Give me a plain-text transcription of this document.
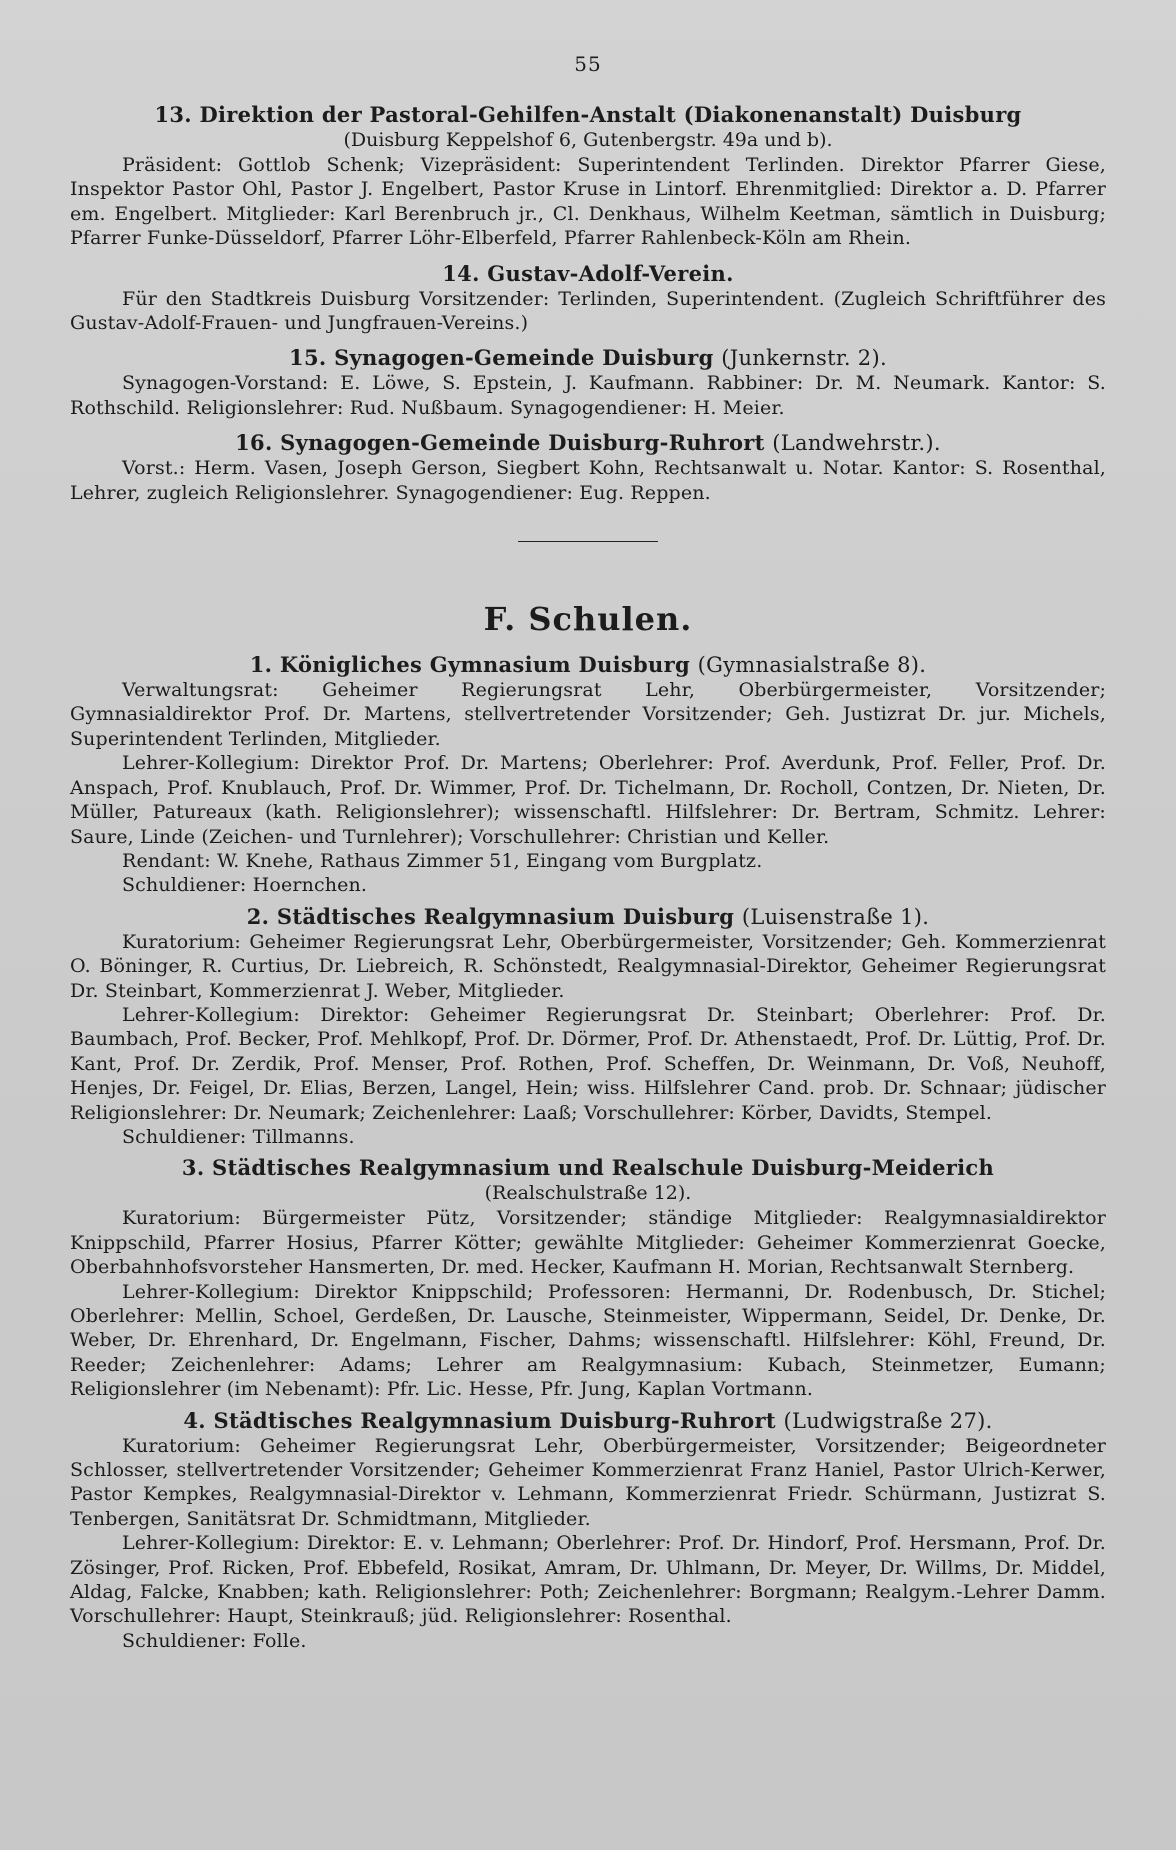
55
13. Direktion der Pastoral-Gehilfen-Anstalt (Diakonenanstalt) Duisburg
(Duisburg Keppelshof 6, Gutenbergstr. 49a und b).

Präsident: Gottlob Schenk; Vizepräsident: Superintendent Terlinden. Direktor Pfarrer Giese, Inspektor Pastor Ohl, Pastor J. Engelbert, Pastor Kruse in Lintorf. Ehrenmitglied: Direktor a. D. Pfarrer em. Engelbert. Mitglieder: Karl Berenbruch jr., Cl. Denkhaus, Wilhelm Keetman, sämtlich in Duisburg; Pfarrer Funke-Düsseldorf, Pfarrer Löhr-Elberfeld, Pfarrer Rahlenbeck-Köln am Rhein.

14. Gustav-Adolf-Verein.

Für den Stadtkreis Duisburg Vorsitzender: Terlinden, Superintendent. (Zugleich Schriftführer des Gustav-Adolf-Frauen- und Jungfrauen-Vereins.)

15. Synagogen-Gemeinde Duisburg (Junkernstr. 2).

Synagogen-Vorstand: E. Löwe, S. Epstein, J. Kaufmann. Rabbiner: Dr. M. Neumark. Kantor: S. Rothschild. Religionslehrer: Rud. Nußbaum. Synagogendiener: H. Meier.

16. Synagogen-Gemeinde Duisburg-Ruhrort (Landwehrstr.).

Vorst.: Herm. Vasen, Joseph Gerson, Siegbert Kohn, Rechtsanwalt u. Notar. Kantor: S. Rosenthal, Lehrer, zugleich Religionslehrer. Synagogendiener: Eug. Reppen.

F. Schulen.
1. Königliches Gymnasium Duisburg (Gymnasialstraße 8).

Verwaltungsrat: Geheimer Regierungsrat Lehr, Oberbürgermeister, Vorsitzender; Gymnasialdirektor Prof. Dr. Martens, stellvertretender Vorsitzender; Geh. Justizrat Dr. jur. Michels, Superintendent Terlinden, Mitglieder.

Lehrer-Kollegium: Direktor Prof. Dr. Martens; Oberlehrer: Prof. Averdunk, Prof. Feller, Prof. Dr. Anspach, Prof. Knublauch, Prof. Dr. Wimmer, Prof. Dr. Tichelmann, Dr. Rocholl, Contzen, Dr. Nieten, Dr. Müller, Patureaux (kath. Religionslehrer); wissenschaftl. Hilfslehrer: Dr. Bertram, Schmitz. Lehrer: Saure, Linde (Zeichen- und Turnlehrer); Vorschullehrer: Christian und Keller.

Rendant: W. Knehe, Rathaus Zimmer 51, Eingang vom Burgplatz.

Schuldiener: Hoernchen.

2. Städtisches Realgymnasium Duisburg (Luisenstraße 1).

Kuratorium: Geheimer Regierungsrat Lehr, Oberbürgermeister, Vorsitzender; Geh. Kommerzienrat O. Böninger, R. Curtius, Dr. Liebreich, R. Schönstedt, Realgymnasial-Direktor, Geheimer Regierungsrat Dr. Steinbart, Kommerzienrat J. Weber, Mitglieder.

Lehrer-Kollegium: Direktor: Geheimer Regierungsrat Dr. Steinbart; Oberlehrer: Prof. Dr. Baumbach, Prof. Becker, Prof. Mehlkopf, Prof. Dr. Dörmer, Prof. Dr. Athenstaedt, Prof. Dr. Lüttig, Prof. Dr. Kant, Prof. Dr. Zerdik, Prof. Menser, Prof. Rothen, Prof. Scheffen, Dr. Weinmann, Dr. Voß, Neuhoff, Henjes, Dr. Feigel, Dr. Elias, Berzen, Langel, Hein; wiss. Hilfslehrer Cand. prob. Dr. Schnaar; jüdischer Religionslehrer: Dr. Neumark; Zeichenlehrer: Laaß; Vorschullehrer: Körber, Davidts, Stempel.

Schuldiener: Tillmanns.

3. Städtisches Realgymnasium und Realschule Duisburg-Meiderich
(Realschulstraße 12).

Kuratorium: Bürgermeister Pütz, Vorsitzender; ständige Mitglieder: Realgymnasialdirektor Knippschild, Pfarrer Hosius, Pfarrer Kötter; gewählte Mitglieder: Geheimer Kommerzienrat Goecke, Oberbahnhofsvorsteher Hansmerten, Dr. med. Hecker, Kaufmann H. Morian, Rechtsanwalt Sternberg.

Lehrer-Kollegium: Direktor Knippschild; Professoren: Hermanni, Dr. Rodenbusch, Dr. Stichel; Oberlehrer: Mellin, Schoel, Gerdeßen, Dr. Lausche, Steinmeister, Wippermann, Seidel, Dr. Denke, Dr. Weber, Dr. Ehrenhard, Dr. Engelmann, Fischer, Dahms; wissenschaftl. Hilfslehrer: Köhl, Freund, Dr. Reeder; Zeichenlehrer: Adams; Lehrer am Realgymnasium: Kubach, Steinmetzer, Eumann; Religionslehrer (im Nebenamt): Pfr. Lic. Hesse, Pfr. Jung, Kaplan Vortmann.

4. Städtisches Realgymnasium Duisburg-Ruhrort (Ludwigstraße 27).

Kuratorium: Geheimer Regierungsrat Lehr, Oberbürgermeister, Vorsitzender; Beigeordneter Schlosser, stellvertretender Vorsitzender; Geheimer Kommerzienrat Franz Haniel, Pastor Ulrich-Kerwer, Pastor Kempkes, Realgymnasial-Direktor v. Lehmann, Kommerzienrat Friedr. Schürmann, Justizrat S. Tenbergen, Sanitätsrat Dr. Schmidtmann, Mitglieder.

Lehrer-Kollegium: Direktor: E. v. Lehmann; Oberlehrer: Prof. Dr. Hindorf, Prof. Hersmann, Prof. Dr. Zösinger, Prof. Ricken, Prof. Ebbefeld, Rosikat, Amram, Dr. Uhlmann, Dr. Meyer, Dr. Willms, Dr. Middel, Aldag, Falcke, Knabben; kath. Religionslehrer: Poth; Zeichenlehrer: Borgmann; Realgym.-Lehrer Damm. Vorschullehrer: Haupt, Steinkrauß; jüd. Religionslehrer: Rosenthal.

Schuldiener: Folle.
